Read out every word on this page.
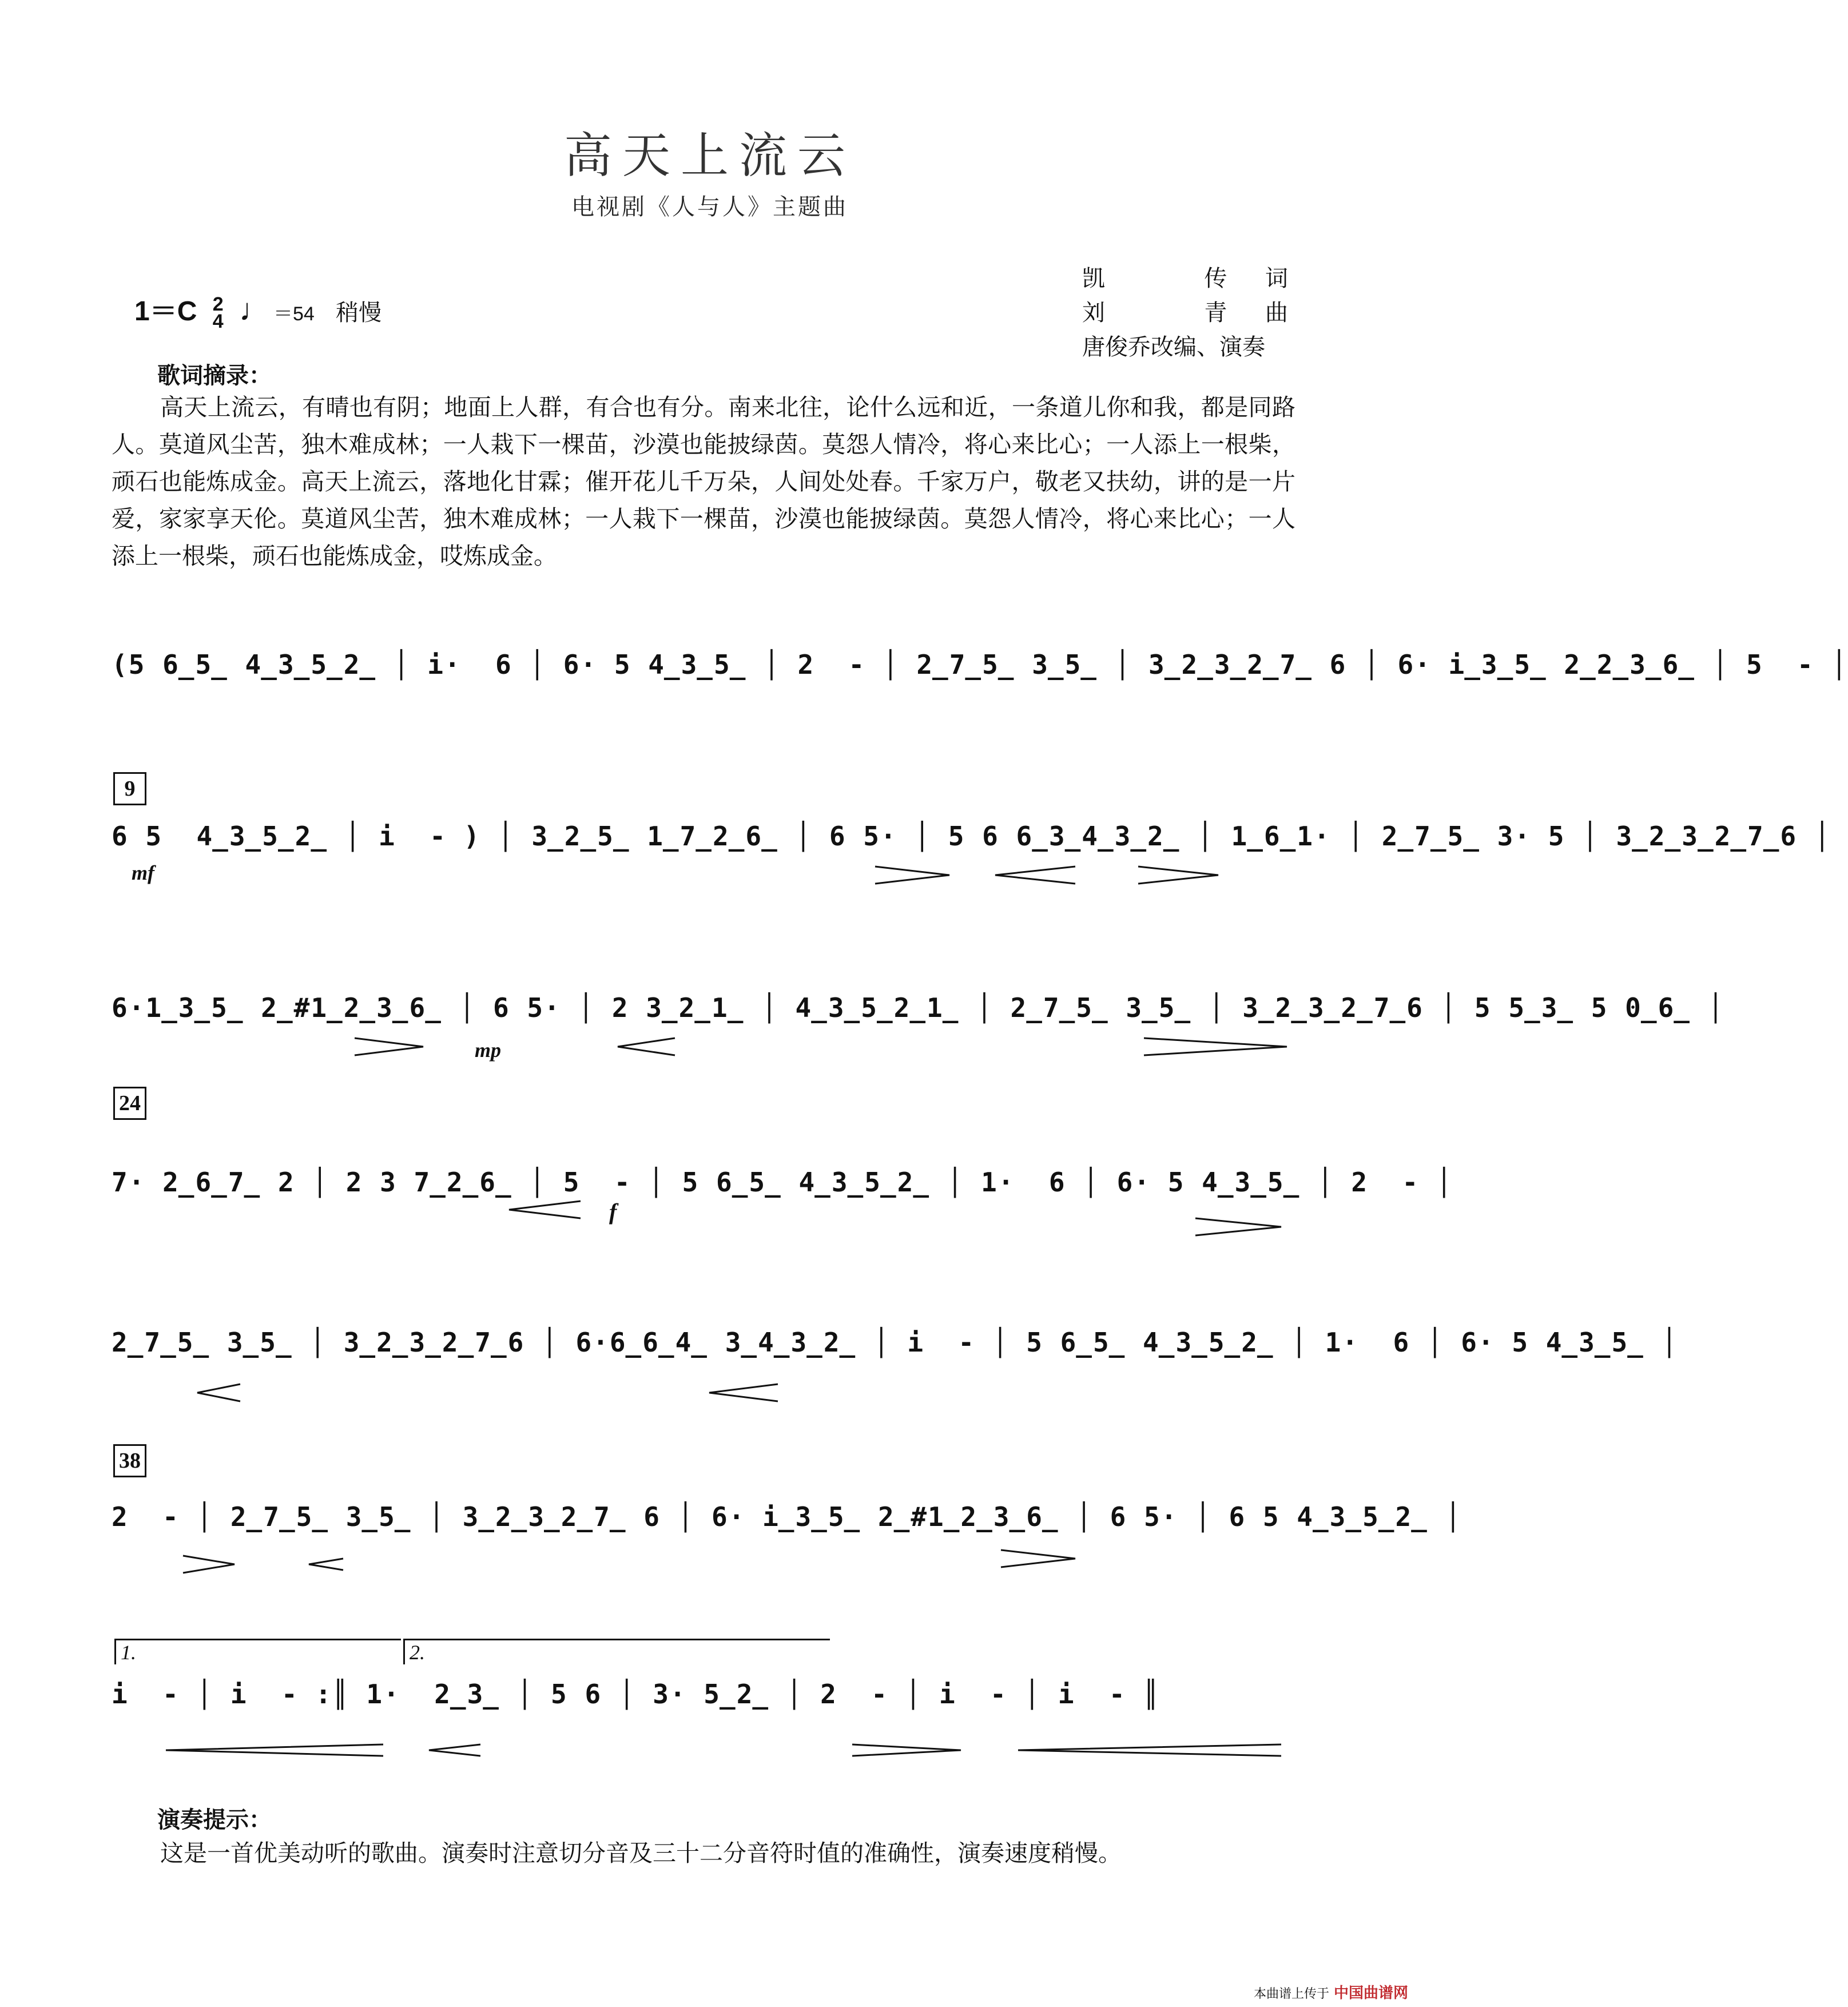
高天上流云
电视剧《人与人》主题曲
凯　传词
刘　青曲
唐俊乔改编、演奏
1＝C 2
4 ♩ ＝54 稍慢
歌词摘录：
高天上流云，有晴也有阴；地面上人群，有合也有分。南来北往，论什么远和近，一条道儿你和我，都是同路人。莫道风尘苦，独木难成林；一人栽下一棵苗，沙漠也能披绿茵。莫怨人情冷，将心来比心；一人添上一根柴，顽石也能炼成金。高天上流云，落地化甘霖；催开花儿千万朵，人间处处春。千家万户，敬老又扶幼，讲的是一片爱，家家享天伦。莫道风尘苦，独木难成林；一人栽下一棵苗，沙漠也能披绿茵。莫怨人情冷，将心来比心；一人添上一根柴，顽石也能炼成金，哎炼成金。
(5 6̲5̲ 4̲3̲5̲2̲ │ i·  6 │ 6· 5 4̲3̲5̲ │ 2  - │ 2̲7̲5̲ 3̲5̲ │ 3̲2̲3̲2̲7̲ 6 │ 6· i̲3̲5̲ 2̲2̲3̲6̲ │ 5  - │
9
6 5  4̲3̲5̲2̲ │ i  - ) │ 3̲2̲5̲ 1̲7̲2̲6̲ │ 6 5· │ 5 6 6̲3̲4̲3̲2̲ │ 1̲6̲1· │ 2̲7̲5̲ 3· 5 │ 3̲2̲3̲2̲7̲6 │
6·1̲3̲5̲ 2̲#1̲2̲3̲6̲ │ 6 5· │ 2 3̲2̲1̲ │ 4̲3̲5̲2̲1̲ │ 2̲7̲5̲ 3̲5̲ │ 3̲2̲3̲2̲7̲6 │ 5 5̲3̲ 5 0̲6̲ │
24
7· 2̲6̲7̲ 2 │ 2 3 7̲2̲6̲ │ 5  - │ 5 6̲5̲ 4̲3̲5̲2̲ │ 1·  6 │ 6· 5 4̲3̲5̲ │ 2  - │
2̲7̲5̲ 3̲5̲ │ 3̲2̲3̲2̲7̲6 │ 6·6̲6̲4̲ 3̲4̲3̲2̲ │ i  - │ 5 6̲5̲ 4̲3̲5̲2̲ │ 1·  6 │ 6· 5 4̲3̲5̲ │
38
2  - │ 2̲7̲5̲ 3̲5̲ │ 3̲2̲3̲2̲7̲ 6 │ 6· i̲3̲5̲ 2̲#1̲2̲3̲6̲ │ 6 5· │ 6 5 4̲3̲5̲2̲ │
1.	2.
i  - │ i  - :║ 1·  2̲3̲ │ 5 6 │ 3· 5̲2̲ │ 2  - │ i  - │ i  - ║
mf
mp
f
演奏提示：
这是一首优美动听的歌曲。演奏时注意切分音及三十二分音符时值的准确性，演奏速度稍慢。
本曲谱上传于 中国曲谱网
